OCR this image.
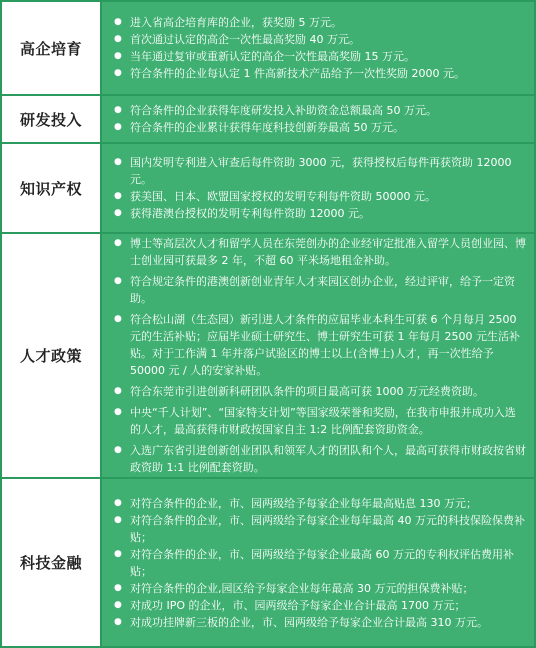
高企培育
● 进入省高企培育库的企业，获奖励 5 万元。
● 首次通过认定的高企一次性最高奖励 40 万元。
● 当年通过复审或重新认定的高企一次性最高奖励 15 万元。
● 符合条件的企业每认定 1 件高新技术产品给予一次性奖励 2000 元。
研发投入
● 符合条件的企业获得年度研发投入补助资金总额最高 50 万元。
● 符合条件的企业累计获得年度科技创新券最高 50 万元。
知识产权
● 国内发明专利进入审查后每件资助 3000 元，获得授权后每件再获资助 12000 元。
● 获美国、日本、欧盟国家授权的发明专利每件资助 50000 元。
● 获得港澳台授权的发明专利每件资助 12000 元。
人才政策
● 博士等高层次人才和留学人员在东莞创办的企业经审定批准入留学人员创业园、博士创业园可获最多 2 年，不超 60 平米场地租金补助。
● 符合规定条件的港澳创新创业青年人才来园区创办企业，经过评审，给予一定资助。
● 符合松山湖（生态园）新引进人才条件的应届毕业本科生可获 6 个月每月 2500 元的生活补贴；应届毕业硕士研究生、博士研究生可获 1 年每月 2500 元生活补贴。对于工作满 1 年并落户试验区的博士以上(含博士)人才，再一次性给予 50000 元 / 人的安家补贴。
● 符合东莞市引进创新科研团队条件的项目最高可获 1000 万元经费资助。
● 中央“千人计划”、“国家特支计划”等国家级荣誉和奖励，在我市申报并成功入选的人才，最高获得市财政按国家自主 1:2 比例配套资助资金。
● 入选广东省引进创新创业团队和领军人才的团队和个人，最高可获得市财政按省财政资助 1:1 比例配套资助。
科技金融
● 对符合条件的企业，市、园两级给予每家企业每年最高贴息 130 万元；
● 对符合条件的企业，市、园两级给予每家企业每年最高 40 万元的科技保险保费补贴；
● 对符合条件的企业，市、园两级给予每家企业最高 60 万元的专利权评估费用补贴；
● 对符合条件的企业,园区给予每家企业每年最高 30 万元的担保费补贴；
● 对成功 IPO 的企业，市、园两级给予每家企业合计最高 1700 万元；
● 对成功挂牌新三板的企业，市、园两级给予每家企业合计最高 310 万元。
